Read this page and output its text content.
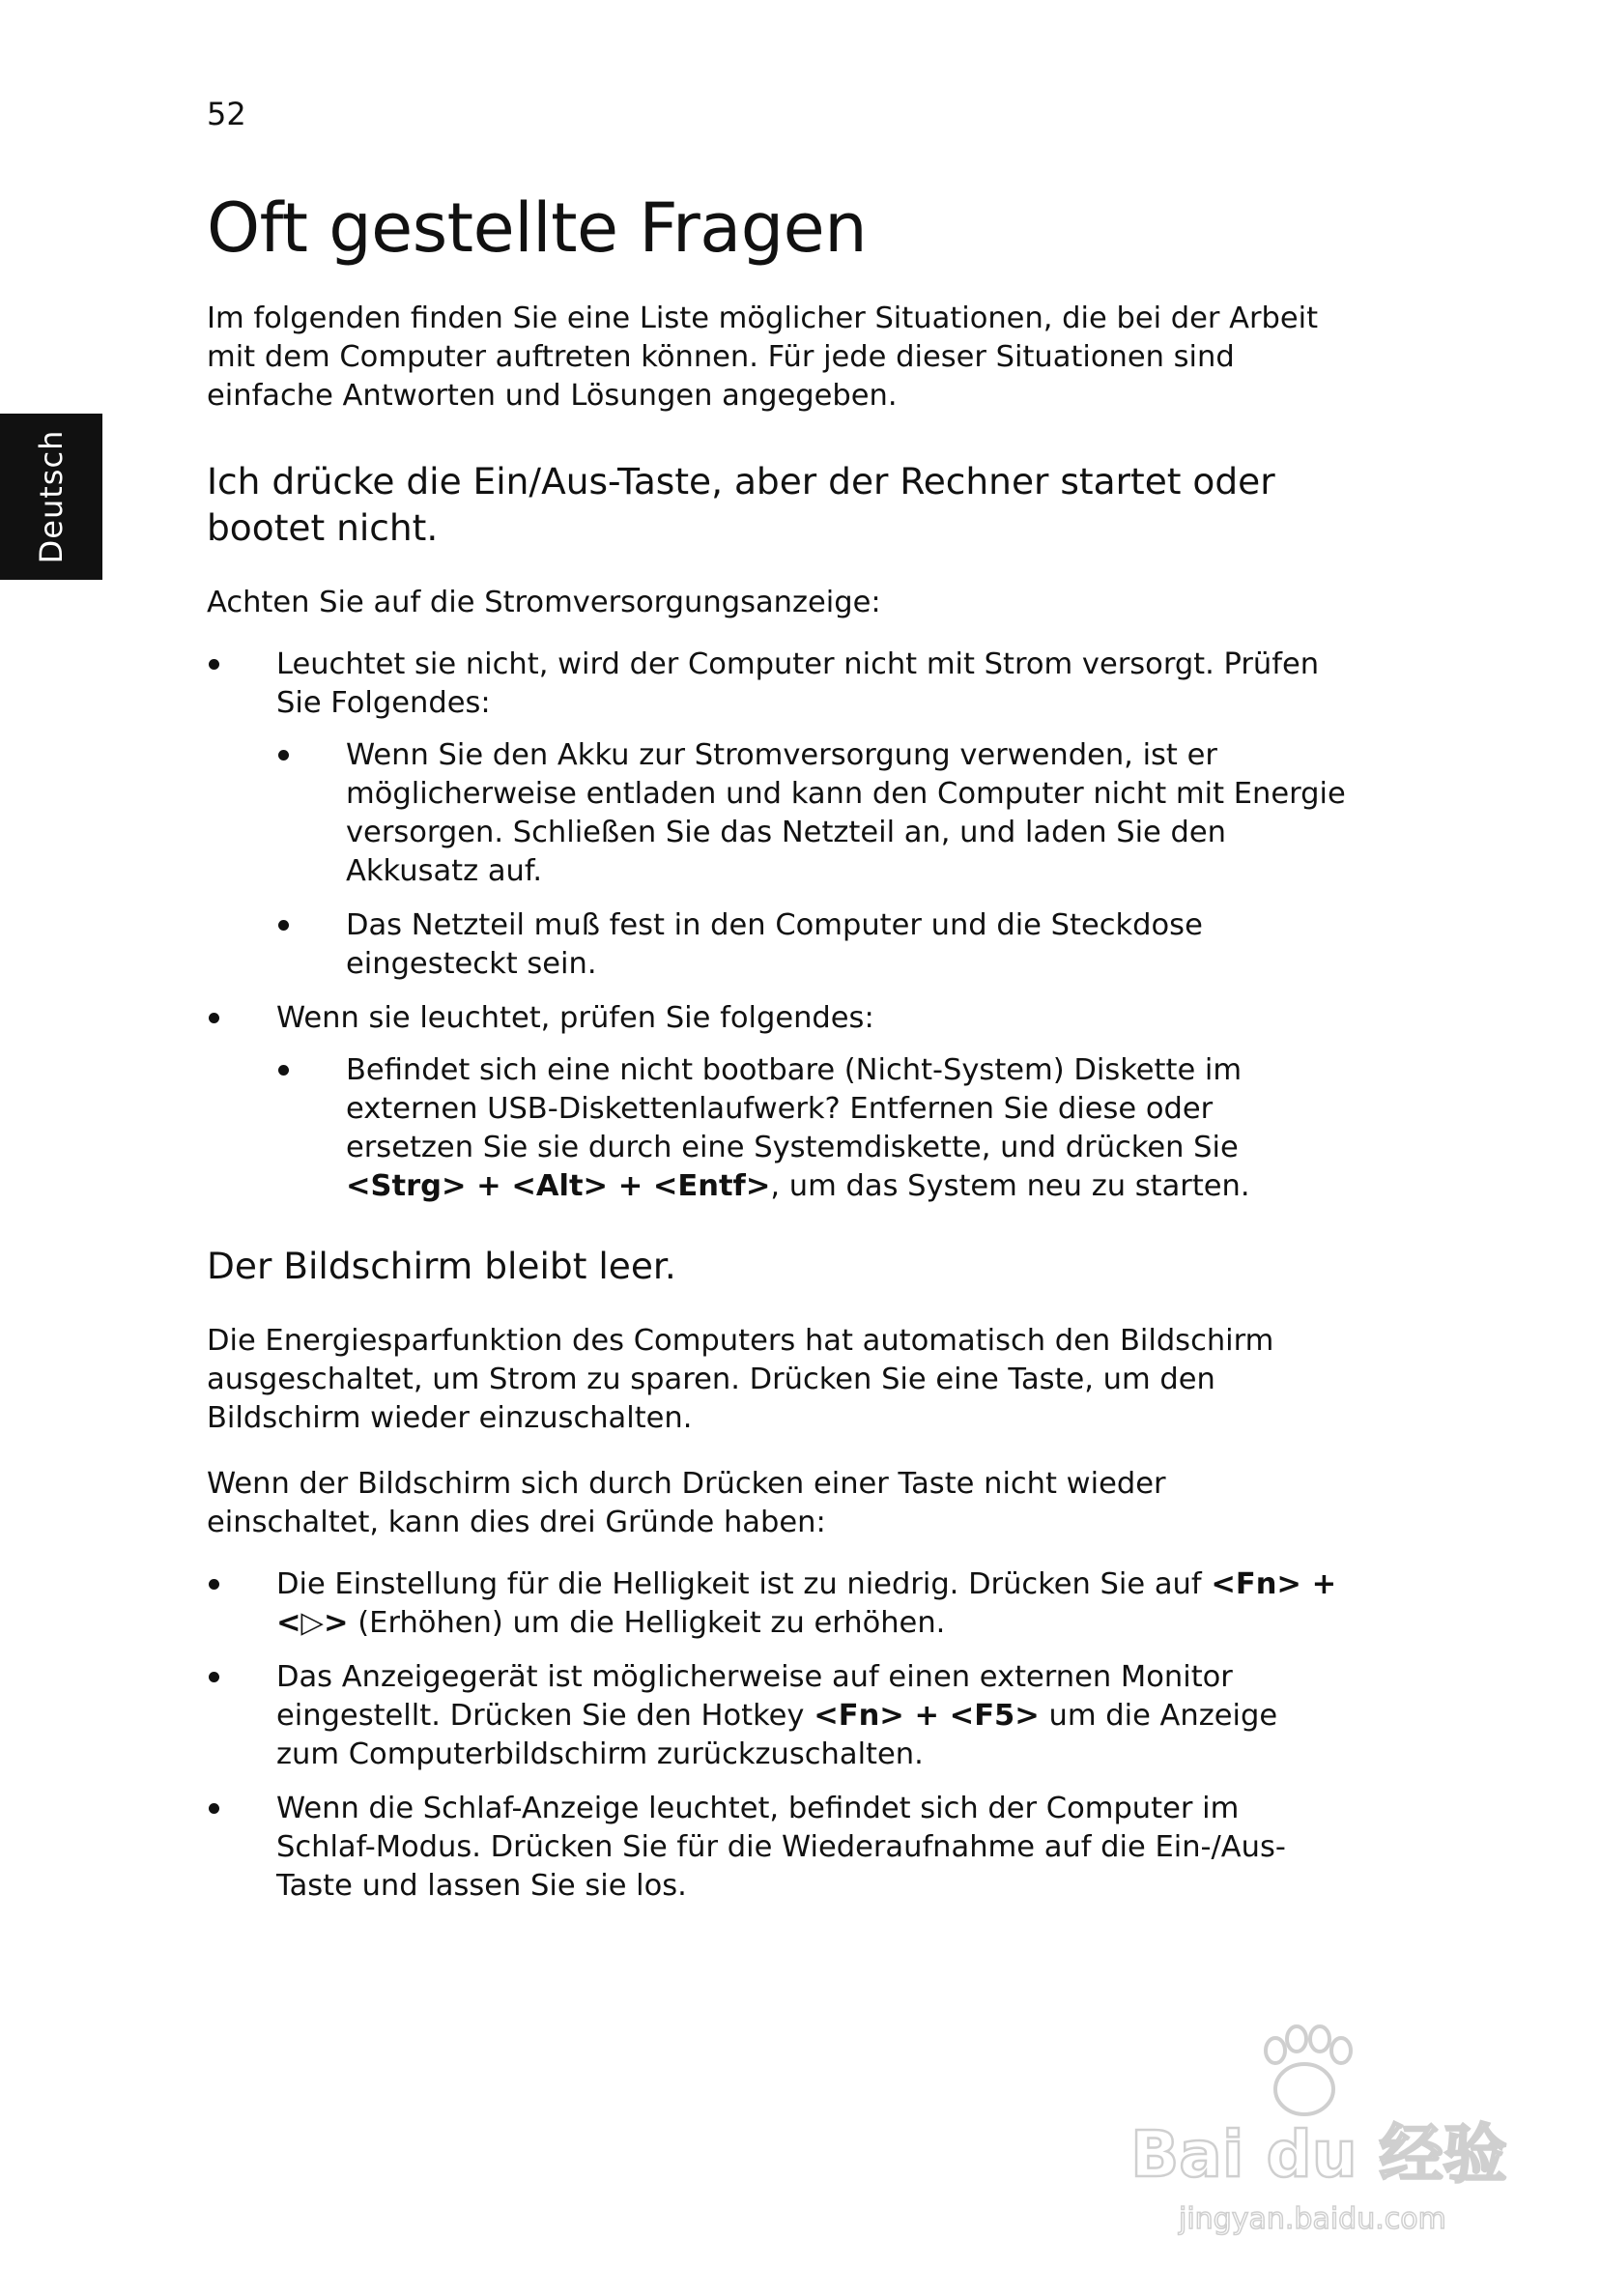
52
Deutsch
Oft gestellte Fragen

Im folgenden finden Sie eine Liste möglicher Situationen, die bei der Arbeit mit dem Computer auftreten können. Für jede dieser Situationen sind einfache Antworten und Lösungen angegeben.

Ich drücke die Ein/Aus-Taste, aber der Rechner startet oder bootet nicht.

Achten Sie auf die Stromversorgungsanzeige:

Leuchtet sie nicht, wird der Computer nicht mit Strom versorgt. Prüfen Sie Folgendes:
Wenn Sie den Akku zur Stromversorgung verwenden, ist er möglicherweise entladen und kann den Computer nicht mit Energie versorgen. Schließen Sie das Netzteil an, und laden Sie den Akkusatz auf.
Das Netzteil muß fest in den Computer und die Steckdose eingesteckt sein.
Wenn sie leuchtet, prüfen Sie folgendes:
Befindet sich eine nicht bootbare (Nicht-System) Diskette im externen USB-Diskettenlaufwerk? Entfernen Sie diese oder ersetzen Sie sie durch eine Systemdiskette, und drücken Sie <Strg> + <Alt> + <Entf>, um das System neu zu starten.
Der Bildschirm bleibt leer.

Die Energiesparfunktion des Computers hat automatisch den Bildschirm ausgeschaltet, um Strom zu sparen. Drücken Sie eine Taste, um den Bildschirm wieder einzuschalten.

Wenn der Bildschirm sich durch Drücken einer Taste nicht wieder einschaltet, kann dies drei Gründe haben:

Die Einstellung für die Helligkeit ist zu niedrig. Drücken Sie auf <Fn> + <▷> (Erhöhen) um die Helligkeit zu erhöhen.
Das Anzeigegerät ist möglicherweise auf einen externen Monitor eingestellt. Drücken Sie den Hotkey <Fn> + <F5> um die Anzeige zum Computerbildschirm zurückzuschalten.
Wenn die Schlaf-Anzeige leuchtet, befindet sich der Computer im Schlaf-Modus. Drücken Sie für die Wiederaufnahme auf die Ein-/Aus-Taste und lassen Sie sie los.
Bai du 经验
jingyan.baidu.com
